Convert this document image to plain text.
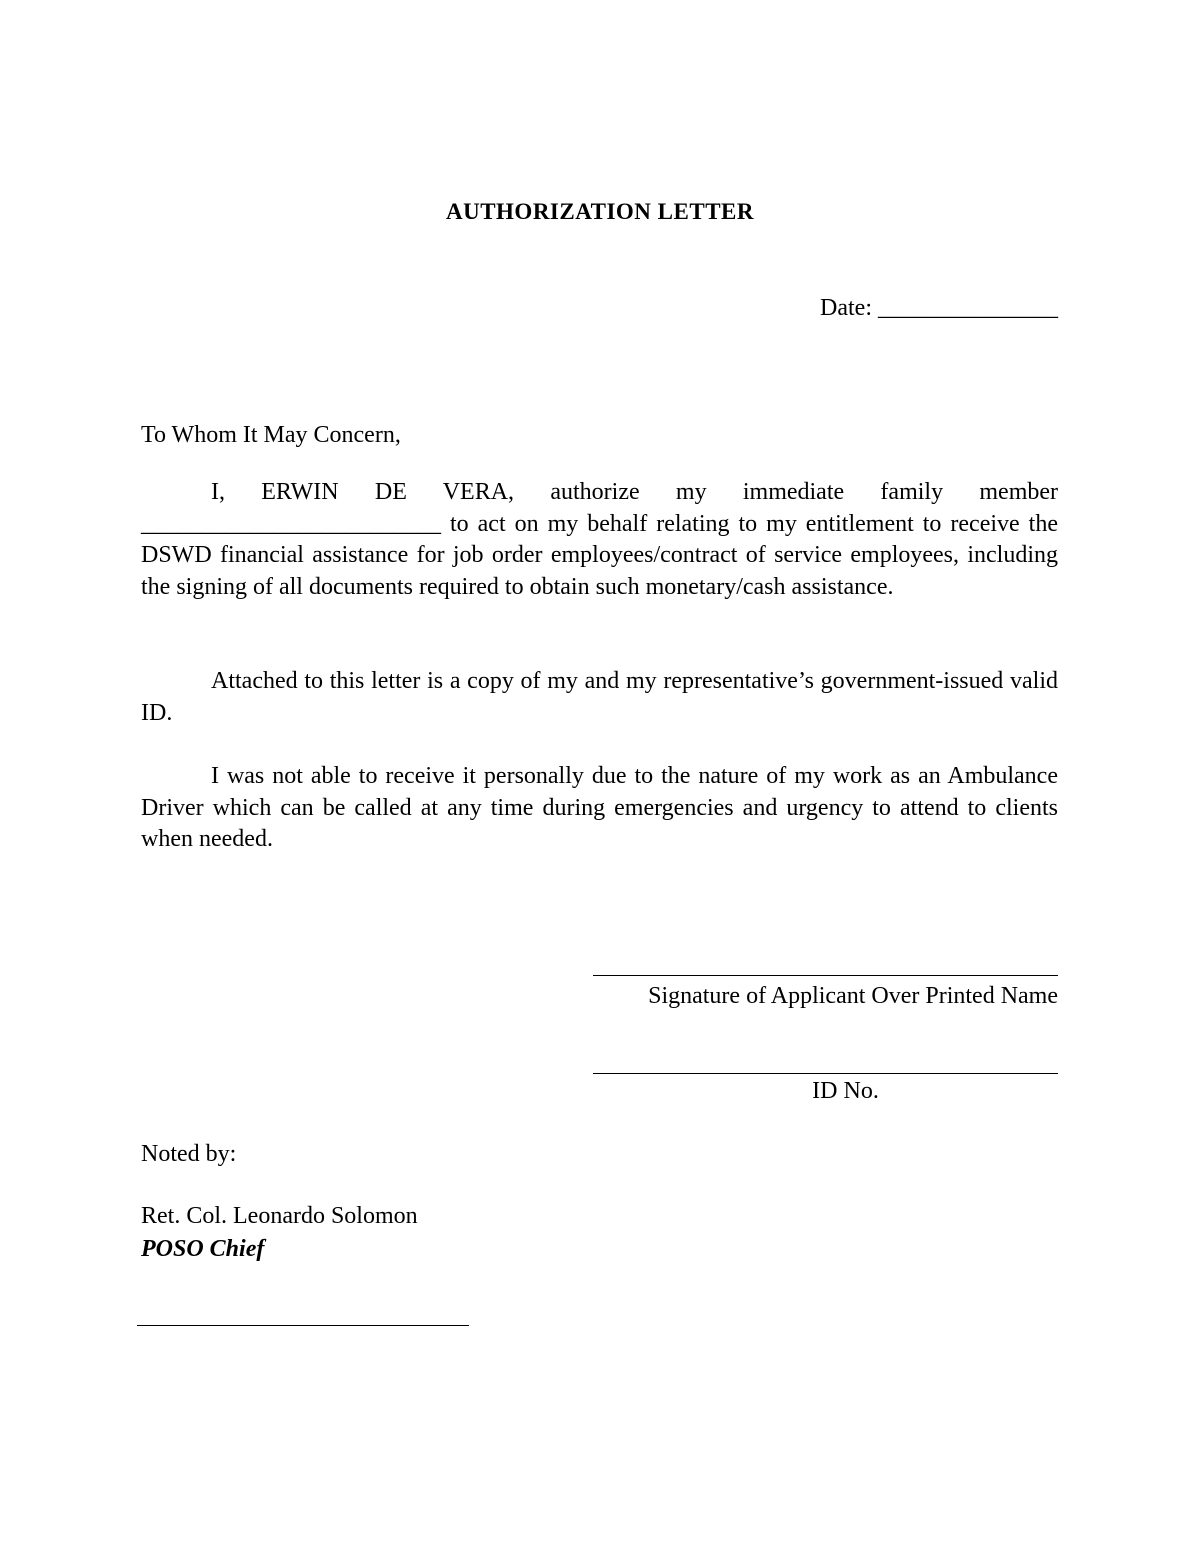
AUTHORIZATION LETTER
Date: _______________
To Whom It May Concern,

I, ERWIN DE VERA, authorize my immediate family member _________________________ to act on my behalf relating to my entitlement to receive the DSWD financial assistance for job order employees/contract of service employees, including the signing of all documents required to obtain such monetary/cash assistance.

Attached to this letter is a copy of my and my representative’s government-issued valid ID.

I was not able to receive it personally due to the nature of my work as an Ambulance Driver which can be called at any time during emergencies and urgency to attend to clients when needed.

Signature of Applicant Over Printed Name
ID No.
Noted by:
Ret. Col. Leonardo Solomon
POSO Chief
